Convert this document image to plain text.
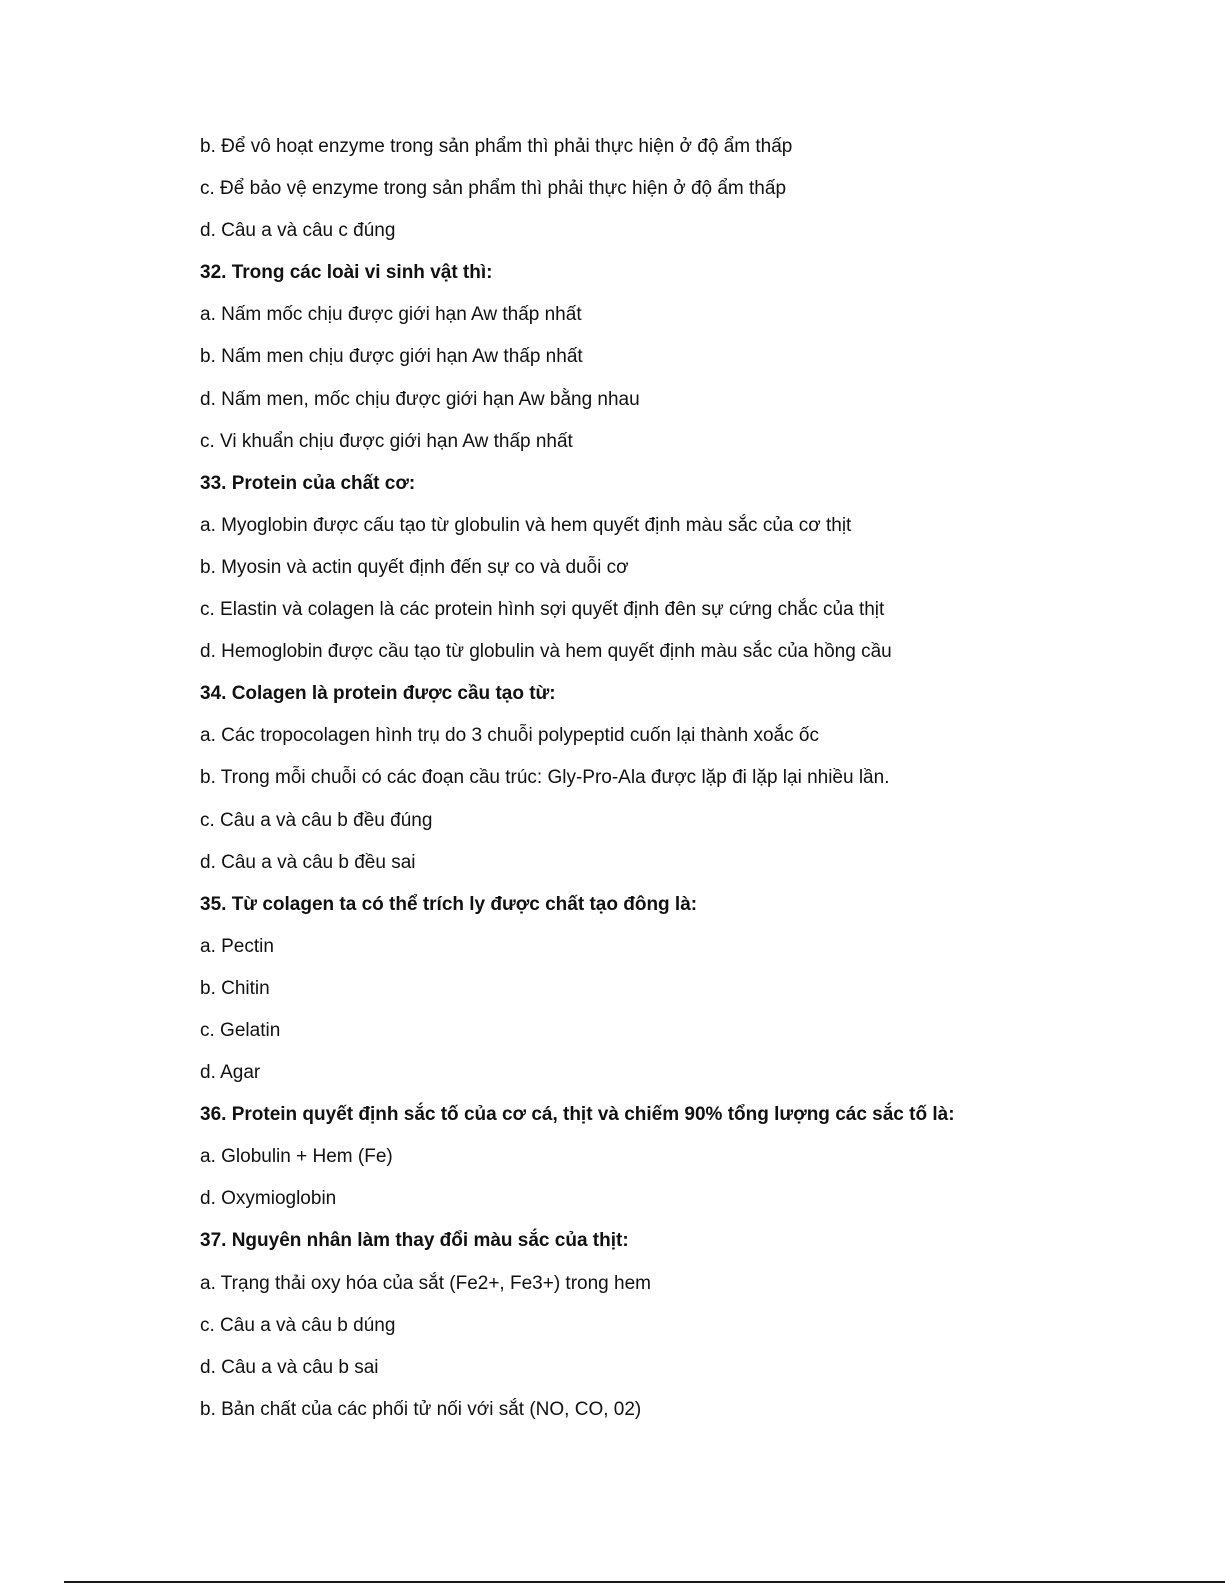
b. Để vô hoạt enzyme trong sản phẩm thì phải thực hiện ở độ ẩm thấp
c. Để bảo vệ enzyme trong sản phẩm thì phải thực hiện ở độ ẩm thấp
d. Câu a và câu c đúng
32. Trong các loài vi sinh vật thì:
a. Nấm mốc chịu được giới hạn Aw thấp nhất
b. Nấm men chịu được giới hạn Aw thấp nhất
d. Nấm men, mốc chịu được giới hạn Aw bằng nhau
c. Vi khuẩn chịu được giới hạn Aw thấp nhất
33. Protein của chất cơ:
a. Myoglobin được cấu tạo từ globulin và hem quyết định màu sắc của cơ thịt
b. Myosin và actin quyết định đến sự co và duỗi cơ
c. Elastin và colagen là các protein hình sợi quyết định đên sự cứng chắc của thịt
d. Hemoglobin được cầu tạo từ globulin và hem quyết định màu sắc của hồng cầu
34. Colagen là protein được cầu tạo từ:
a. Các tropocolagen hình trụ do 3 chuỗi polypeptid cuốn lại thành xoắc ốc
b. Trong mỗi chuỗi có các đoạn cầu trúc: Gly-Pro-Ala được lặp đi lặp lại nhiều lần.
c. Câu a và câu b đều đúng
d. Câu a và câu b đều sai
35. Từ colagen ta có thể trích ly được chất tạo đông là:
a. Pectin
b. Chitin
c. Gelatin
d. Agar
36. Protein quyết định sắc tố của cơ cá, thịt và chiếm 90% tổng lượng các sắc tố là:
a. Globulin + Hem (Fe)
d. Oxymioglobin
37. Nguyên nhân làm thay đổi màu sắc của thịt:
a. Trạng thải oxy hóa của sắt (Fe2+, Fe3+) trong hem
c. Câu a và câu b dúng
d. Câu a và câu b sai
b. Bản chất của các phối tử nối với sắt (NO, CO, 02)
